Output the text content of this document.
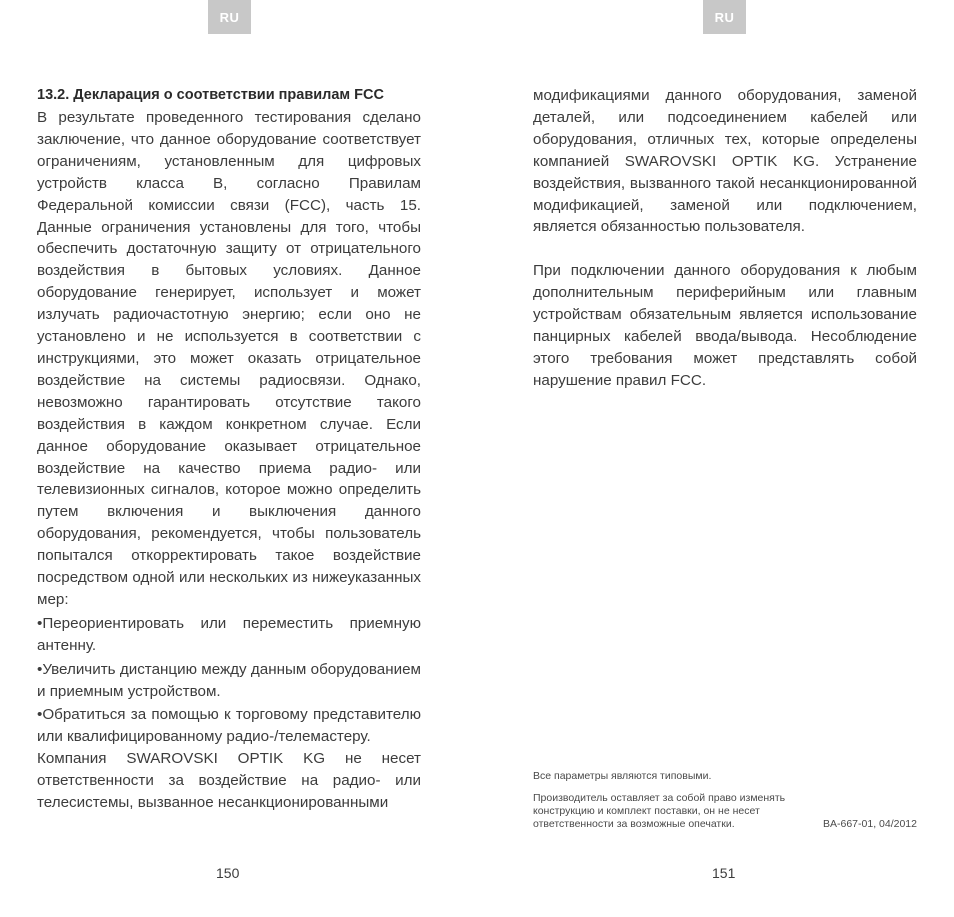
RU	RU
13.2. Декларация о соответствии правилам FCC

В результате проведенного тестирования сделано заключение, что данное оборудование соответствует ограничениям, установленным для цифровых устройств класса B, согласно Правилам Федеральной комиссии связи (FCC), часть 15. Данные ограничения установлены для того, чтобы обеспечить достаточную защиту от отрицательного воздействия в бытовых условиях. Данное оборудование генерирует, использует и может излучать радиочастотную энергию; если оно не установлено и не используется в соответствии с инструкциями, это может оказать отрицательное воздействие на системы радиосвязи. Однако, невозможно гарантировать отсутствие такого воздействия в каждом конкретном случае. Если данное оборудование оказывает отрицательное воздействие на качество приема радио- или телевизионных сигналов, которое можно определить путем включения и выключения данного оборудования, рекомендуется, чтобы пользователь попытался откорректировать такое воздействие посредством одной или нескольких из нижеуказанных мер:

•Переориентировать или переместить приемную антенну.

•Увеличить дистанцию между данным оборудованием и приемным устройством.

•Обратиться за помощью к торговому представителю или квалифицированному радио-/телемастеру.

Компания SWAROVSKI OPTIK KG не несет ответственности за воздействие на радио- или телесистемы, вызванное несанкционированными

модификациями данного оборудования, заменой деталей, или подсоединением кабелей или оборудования, отличных тех, которые определены компанией SWAROVSKI OPTIK KG. Устранение воздействия, вызванного такой несанкционированной модификацией, заменой или подключением, является обязанностью пользователя.

При подключении данного оборудования к любым дополнительным периферийным или главным устройствам обязательным является использование панцирных кабелей ввода/вывода. Несоблюдение этого требования может представлять собой нарушение правил FCC.

Все параметры являются типовыми.
Производитель оставляет за собой право изменять конструкцию и комплект поставки, он не несет ответственности за возможные опечатки.	BA-667-01, 04/2012
150	151
